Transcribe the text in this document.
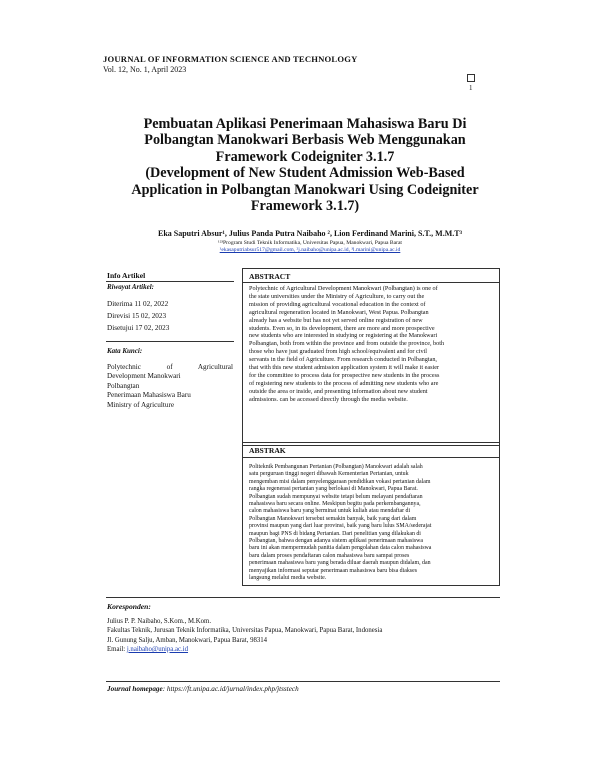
JOURNAL OF INFORMATION SCIENCE AND TECHNOLOGY
Vol. 12, No. 1, April 2023
1
Pembuatan Aplikasi Penerimaan Mahasiswa Baru Di
Polbangtan Manokwari Berbasis Web Menggunakan
Framework Codeigniter 3.1.7
(Development of New Student Admission Web-Based
Application in Polbangtan Manokwari Using Codeigniter
Framework 3.1.7)
Eka Saputri Absur¹, Julius Panda Putra Naibaho ², Lion Ferdinand Marini, S.T., M.M.T³
¹²³Program Studi Teknik Informatika, Universitas Papua, Manokwari, Papua Barat
¹ekasaputriabsur517@gmail.com, ²j.naibaho@unipa.ac.id, ³l.marini@unipa.ac.id
Info Artikel
Riwayat Artikel:
Diterima 11 02, 2022
Direvisi 15 02, 2023
Disetujui 17 02, 2023
Kata Kunci:
Polytechnic of Agricultural
Development Manokwari
Polbangtan
Penerimaan Mahasiswa Baru
Ministry of Agriculture
ABSTRACT
Polytechnic of Agricultural Development Manokwari (Polbangtan) is one of
the state universities under the Ministry of Agriculture, to carry out the
mission of providing agricultural vocational education in the context of
agricultural regeneration located in Manokwari, West Papua. Polbangtan
already has a website but has not yet served online registration of new
students. Even so, in its development, there are more and more prospective
new students who are interested in studying or registering at the Manokwari
Polbangtan, both from within the province and from outside the province, both
those who have just graduated from high school/equivalent and for civil
servants in the field of Agriculture. From research conducted in Polbangtan,
that with this new student admission application system it will make it easier
for the committee to process data for prospective new students in the process
of registering new students to the process of admitting new students who are
outside the area or inside, and presenting information about new student
admissions. can be accessed directly through the media website.
ABSTRAK
Politeknik Pembangunan Pertanian (Polbangtan) Manokwari adalah salah
satu perguruan tinggi negeri dibawah Kementerian Pertanian, untuk
mengemban misi dalam penyelenggaraan pendidikan vokasi pertanian dalam
rangka regenerasi pertanian yang berlokasi di Manokwari, Papua Barat.
Polbangtan sudah mempunyai website tetapi belum melayani pendaftaran
mahasiswa baru secara online. Meskipun begitu pada perkembangannya,
calon mahasiswa baru yang berminat untuk kuliah atau mendaftar di
Polbangtan Manokwari tersebut semakin banyak, baik yang dari dalam
provinsi maupun yang dari luar provinsi, baik yang baru lulus SMA/sederajat
maupun bagi PNS di bidang Pertanian. Dari penelitian yang dilakukan di
Polbangtan, bahwa dengan adanya sistem aplikasi penerimaan mahasiswa
baru ini akan mempermudah panitia dalam pengolahan data calon mahasiswa
baru dalam proses pendaftaran calon mahasiswa baru sampai proses
penerimaan mahasiswa baru yang berada diluar daerah maupun didalam, dan
menyajikan informasi seputar penerimaan mahasiswa baru bisa diakses
langsung melalui media website.
Koresponden:
Julius P. P. Naibaho, S.Kom., M.Kom.
Fakultas Teknik, Jurusan Teknik Informatika, Universitas Papua, Manokwari, Papua Barat, Indonesia
Jl. Gunung Salju, Amban, Manokwari, Papua Barat, 98314
Email: j.naibaho@unipa.ac.id
Journal homepage: https://ft.unipa.ac.id/jurnal/index.php/jtsstech
